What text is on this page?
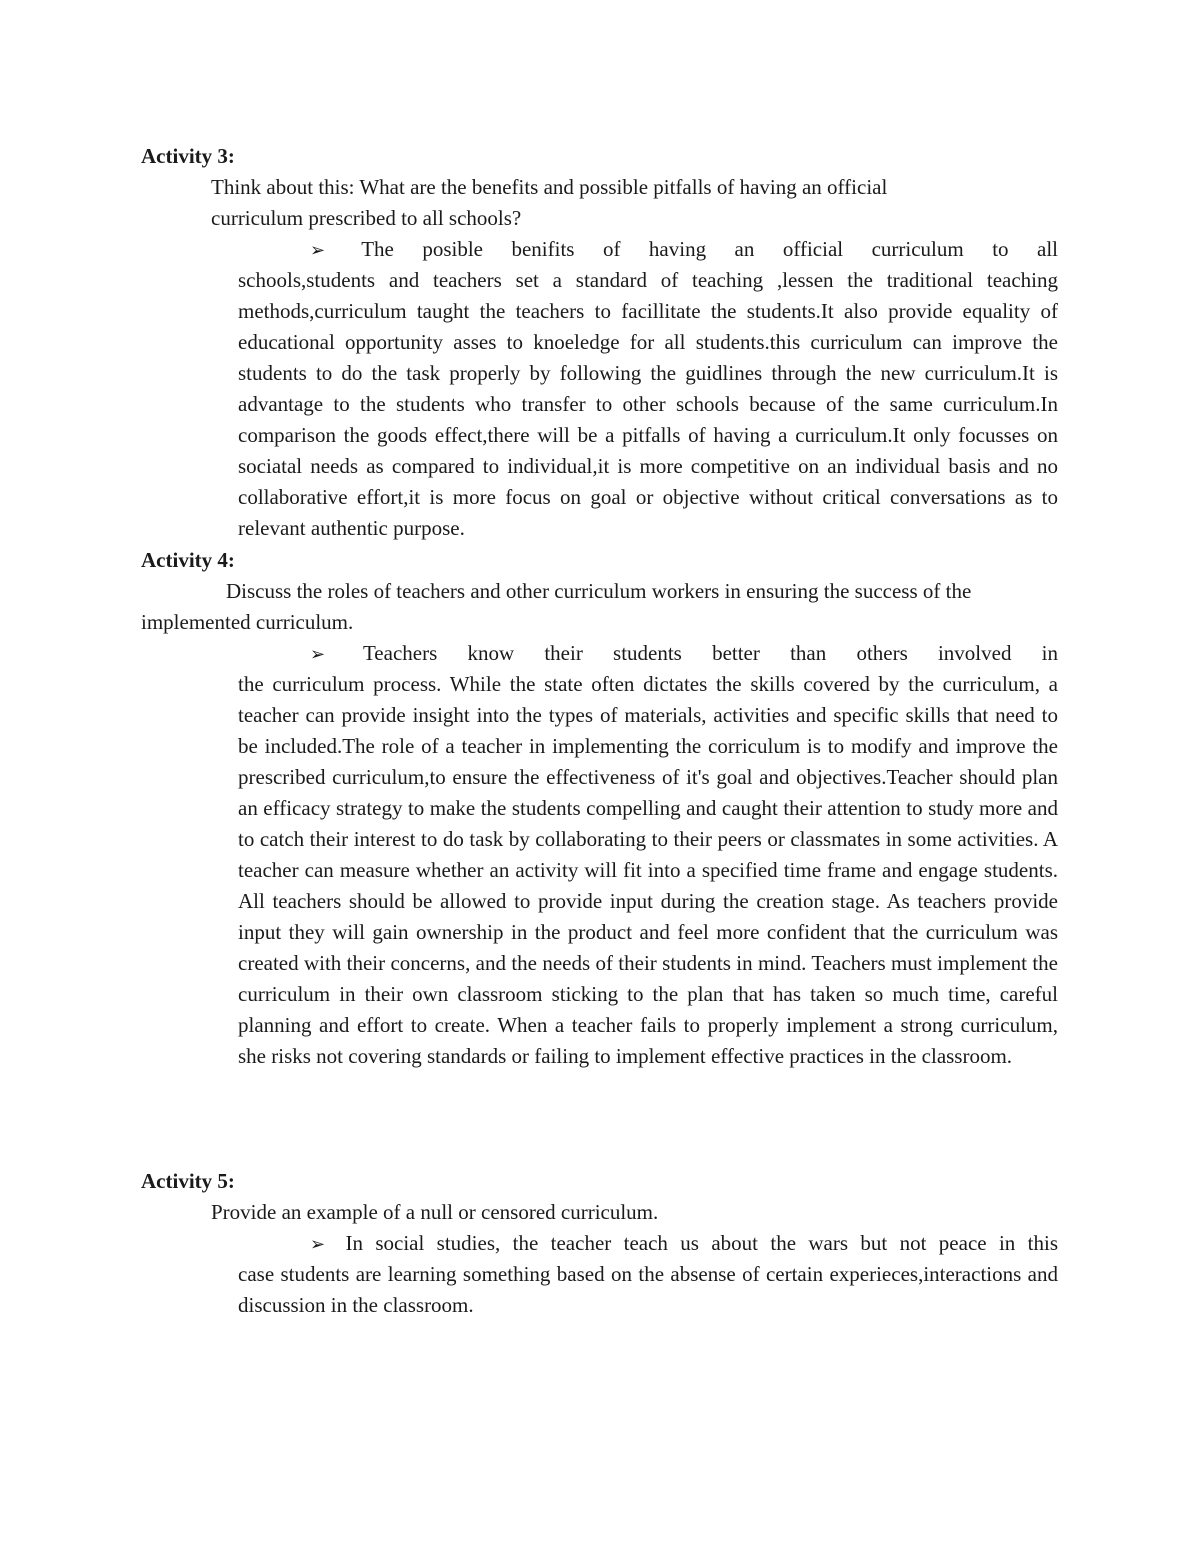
Activity 3:

Think about this: What are the benefits and possible pitfalls of having an official

curriculum prescribed to all schools?

➢ The posible benifits of having an official curriculum to all

schools,students and teachers set a standard of teaching ,lessen the traditional teaching methods,curriculum taught the teachers to facillitate the students.It also provide equality of educational opportunity asses to knoeledge for all students.this curriculum can improve the students to do the task properly by following the guidlines through the new curriculum.It is advantage to the students who transfer to other schools because of the same curriculum.In comparison the goods effect,there will be a pitfalls of having a curriculum.It only focusses on sociatal needs as compared to individual,it is more competitive on an individual basis and no collaborative effort,it is more focus on goal or objective without critical conversations as to relevant authentic purpose.

Activity 4:

Discuss the roles of teachers and other curriculum workers in ensuring the success of the

implemented curriculum.

➢ Teachers know their students better than others involved in

the curriculum process. While the state often dictates the skills covered by the curriculum, a teacher can provide insight into the types of materials, activities and specific skills that need to be included.The role of a teacher in implementing the corriculum is to modify and improve the prescribed curriculum,to ensure the effectiveness of it's goal and objectives.Teacher should plan an efficacy strategy to make the students compelling and caught their attention to study more and to catch their interest to do task by collaborating to their peers or classmates in some activities. A teacher can measure whether an activity will fit into a specified time frame and engage students. All teachers should be allowed to provide input during the creation stage. As teachers provide input they will gain ownership in the product and feel more confident that the curriculum was created with their concerns, and the needs of their students in mind. Teachers must implement the curriculum in their own classroom sticking to the plan that has taken so much time, careful planning and effort to create. When a teacher fails to properly implement a strong curriculum, she risks not covering standards or failing to implement effective practices in the classroom.

Activity 5:

Provide an example of a null or censored curriculum.

➢ In social studies, the teacher teach us about the wars but not peace in this

case students are learning something based on the absense of certain experieces,interactions and discussion in the classroom.
